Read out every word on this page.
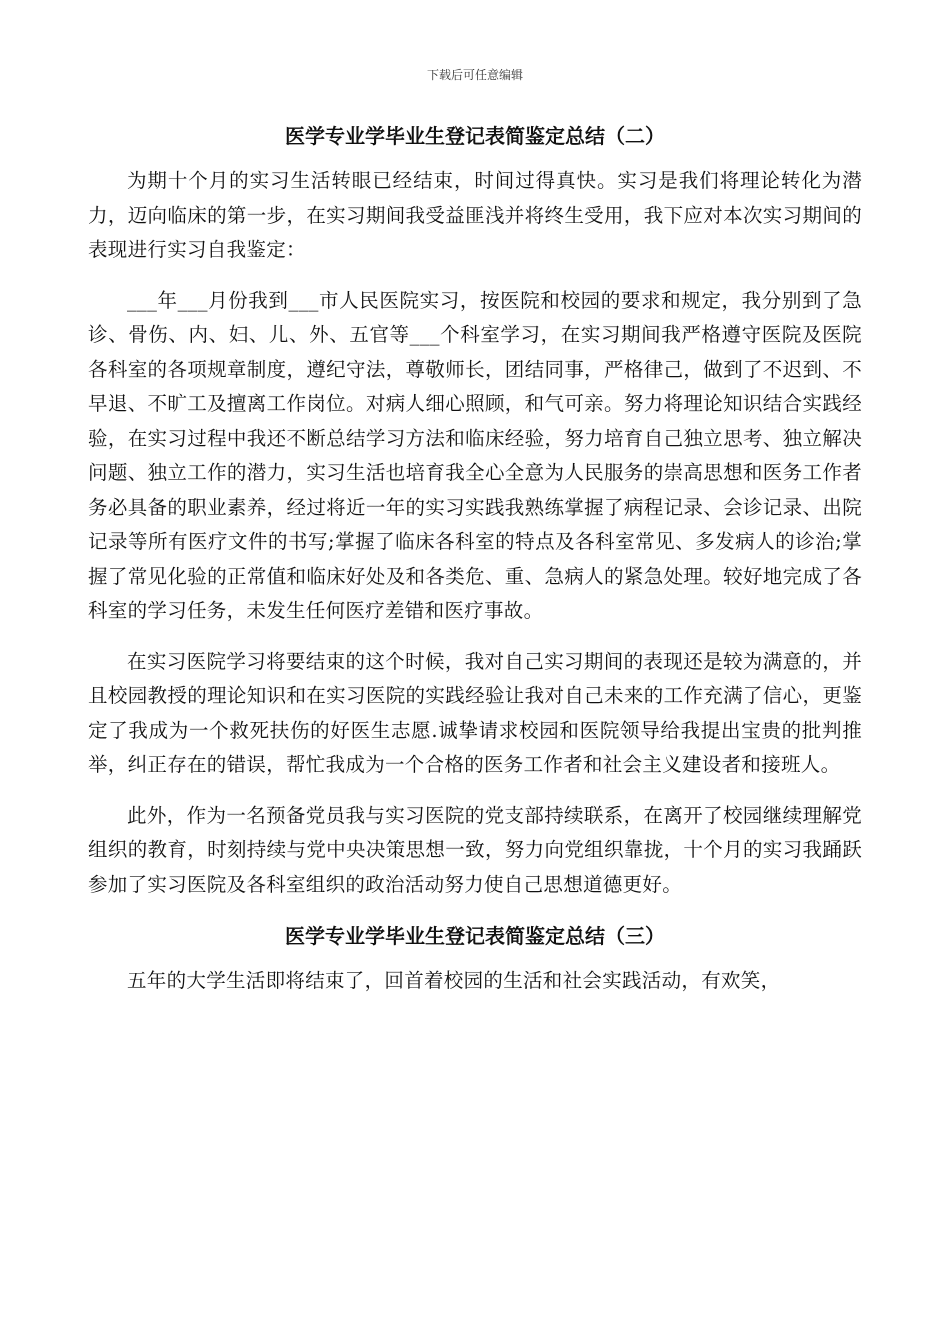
下载后可任意编辑
医学专业学毕业生登记表简鉴定总结（二）

为期十个月的实习生活转眼已经结束，时间过得真快。实习是我们将理论转化为潜力，迈向临床的第一步，在实习期间我受益匪浅并将终生受用，我下应对本次实习期间的表现进行实习自我鉴定：

___年___月份我到___市人民医院实习，按医院和校园的要求和规定，我分别到了急诊、骨伤、内、妇、儿、外、五官等___个科室学习，在实习期间我严格遵守医院及医院各科室的各项规章制度，遵纪守法，尊敬师长，团结同事，严格律己，做到了不迟到、不早退、不旷工及擅离工作岗位。对病人细心照顾，和气可亲。努力将理论知识结合实践经验，在实习过程中我还不断总结学习方法和临床经验，努力培育自己独立思考、独立解决问题、独立工作的潜力，实习生活也培育我全心全意为人民服务的崇高思想和医务工作者务必具备的职业素养，经过将近一年的实习实践我熟练掌握了病程记录、会诊记录、出院记录等所有医疗文件的书写;掌握了临床各科室的特点及各科室常见、多发病人的诊治;掌握了常见化验的正常值和临床好处及和各类危、重、急病人的紧急处理。较好地完成了各科室的学习任务，未发生任何医疗差错和医疗事故。

在实习医院学习将要结束的这个时候，我对自己实习期间的表现还是较为满意的，并且校园教授的理论知识和在实习医院的实践经验让我对自己未来的工作充满了信心，更鉴定了我成为一个救死扶伤的好医生志愿.诚挚请求校园和医院领导给我提出宝贵的批判推举，纠正存在的错误，帮忙我成为一个合格的医务工作者和社会主义建设者和接班人。

此外，作为一名预备党员我与实习医院的党支部持续联系，在离开了校园继续理解党组织的教育，时刻持续与党中央决策思想一致，努力向党组织靠拢，十个月的实习我踊跃参加了实习医院及各科室组织的政治活动努力使自己思想道德更好。

医学专业学毕业生登记表简鉴定总结（三）

五年的大学生活即将结束了，回首着校园的生活和社会实践活动，有欢笑，
